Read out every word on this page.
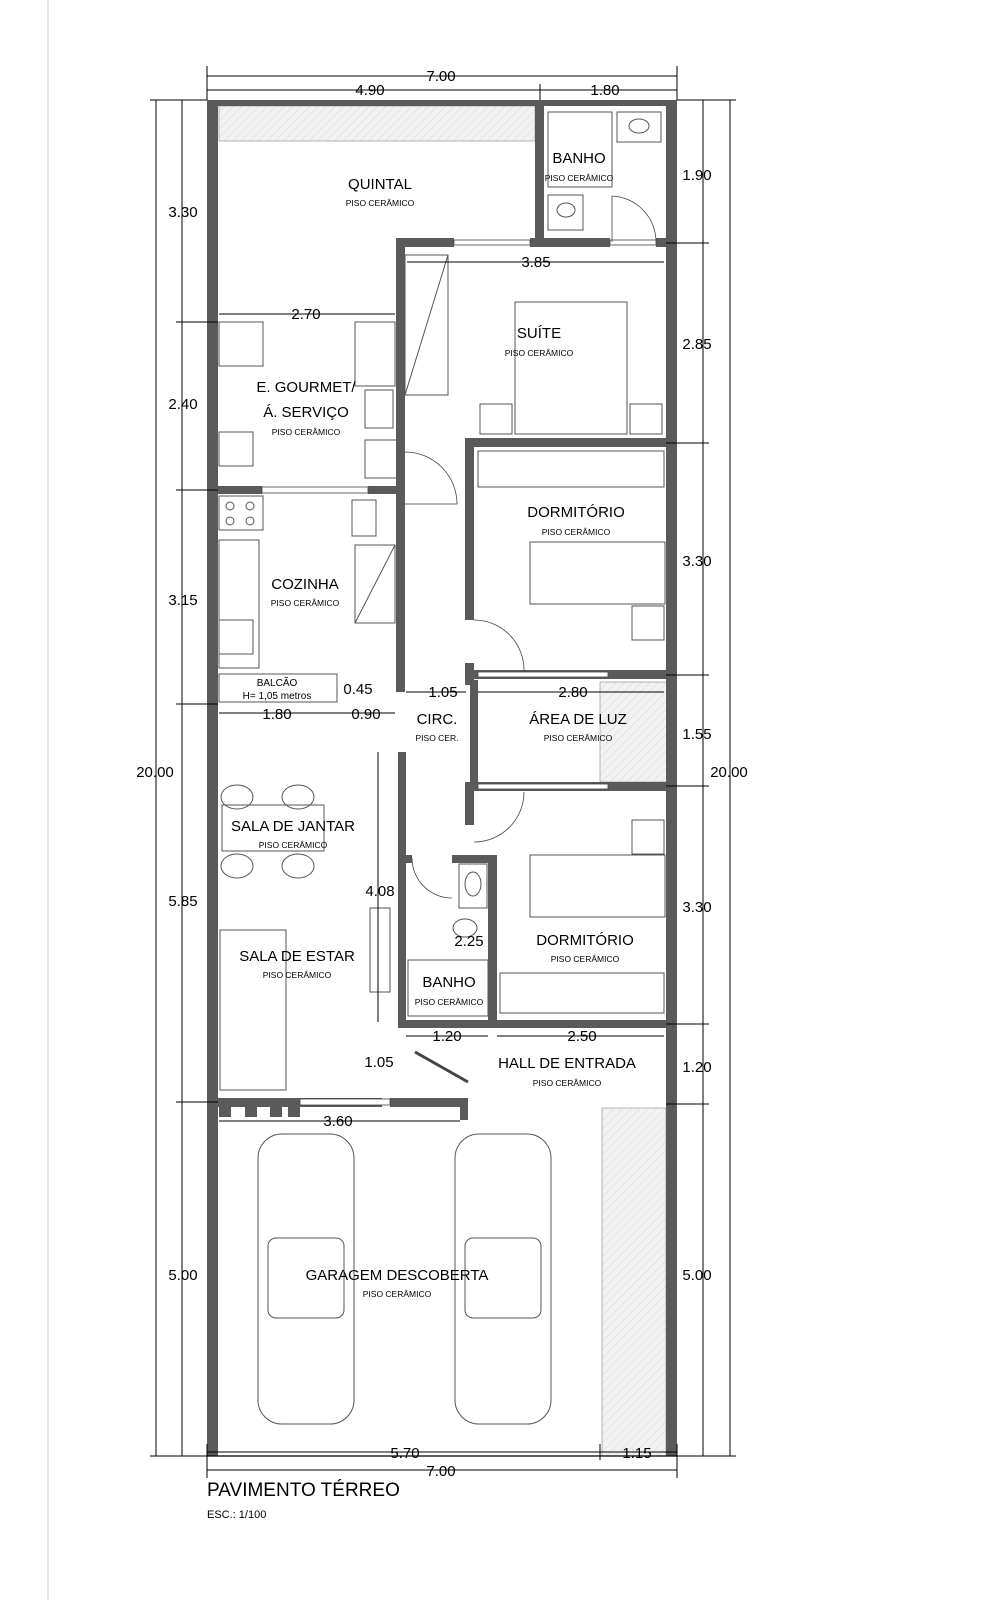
QUINTAL
PISO CERÂMICO
BANHO
PISO CERÂMICO
SUÍTE
PISO CERÂMICO
E. GOURMET/
Á. SERVIÇO
PISO CERÂMICO
DORMITÓRIO
PISO CERÂMICO
COZINHA
PISO CERÂMICO
BALCÃO
H= 1,05 metros
CIRC.
PISO CER.
ÁREA DE LUZ
PISO CERÂMICO
SALA DE JANTAR
PISO CERÂMICO
SALA DE ESTAR
PISO CERÂMICO
DORMITÓRIO
PISO CERÂMICO
BANHO
PISO CERÂMICO
HALL DE ENTRADA
PISO CERÂMICO
GARAGEM DESCOBERTA
PISO CERÂMICO
7.00
4.90	1.80
3.30
2.40
3.15
5.85
5.00
20.00
1.90
2.85
3.30
1.55
20.00
3.30
1.20
5.00
2.70
3.85
1.80	0.90
0.45	1.05	2.80
4.08
2.25
1.20	2.50
1.05
3.60
5.70	1.15
7.00
PAVIMENTO TÉRREO
ESC.: 1/100
